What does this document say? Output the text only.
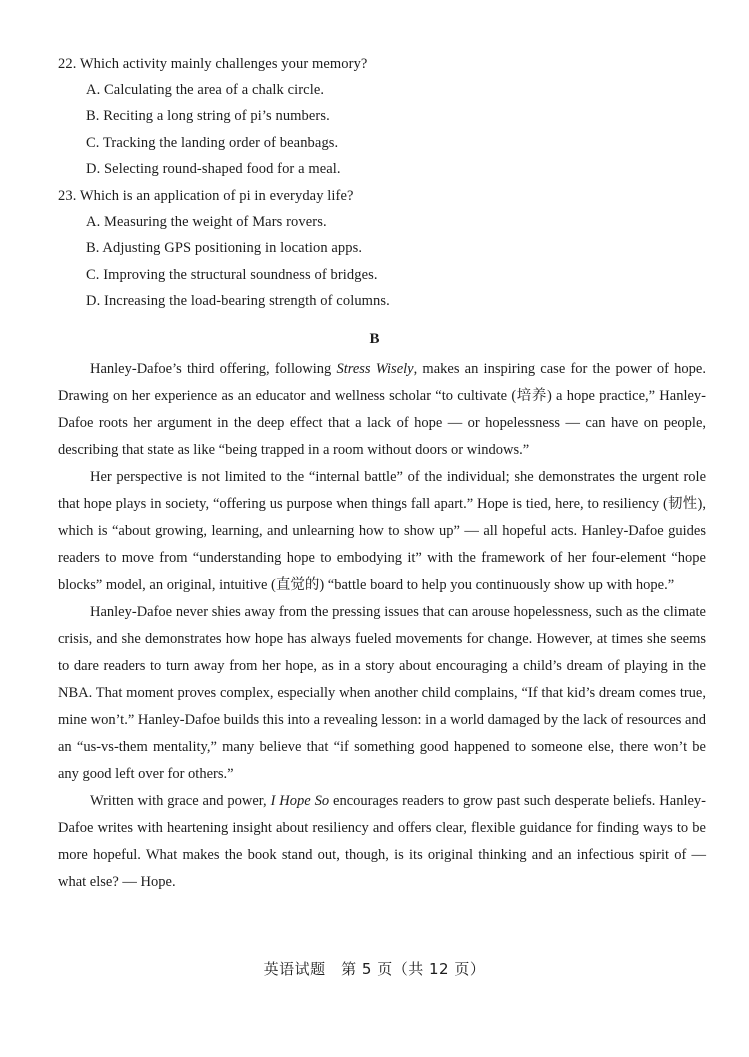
22. Which activity mainly challenges your memory?
A. Calculating the area of a chalk circle.
B. Reciting a long string of pi’s numbers.
C. Tracking the landing order of beanbags.
D. Selecting round-shaped food for a meal.
23. Which is an application of pi in everyday life?
A. Measuring the weight of Mars rovers.
B. Adjusting GPS positioning in location apps.
C. Improving the structural soundness of bridges.
D. Increasing the load-bearing strength of columns.
B

Hanley-Dafoe’s third offering, following Stress Wisely, makes an inspiring case for the power of hope. Drawing on her experience as an educator and wellness scholar “to cultivate (培养) a hope practice,” Hanley-Dafoe roots her argument in the deep effect that a lack of hope — or hopelessness — can have on people, describing that state as like “being trapped in a room without doors or windows.”

Her perspective is not limited to the “internal battle” of the individual; she demonstrates the urgent role that hope plays in society, “offering us purpose when things fall apart.” Hope is tied, here, to resiliency (韧性), which is “about growing, learning, and unlearning how to show up” — all hopeful acts. Hanley-Dafoe guides readers to move from “understanding hope to embodying it” with the framework of her four-element “hope blocks” model, an original, intuitive (直觉的) “battle board to help you continuously show up with hope.”

Hanley-Dafoe never shies away from the pressing issues that can arouse hopelessness, such as the climate crisis, and she demonstrates how hope has always fueled movements for change. However, at times she seems to dare readers to turn away from her hope, as in a story about encouraging a child’s dream of playing in the NBA. That moment proves complex, especially when another child complains, “If that kid’s dream comes true, mine won’t.” Hanley-Dafoe builds this into a revealing lesson: in a world damaged by the lack of resources and an “us-vs-them mentality,” many believe that “if something good happened to someone else, there won’t be any good left over for others.”

Written with grace and power, I Hope So encourages readers to grow past such desperate beliefs. Hanley-Dafoe writes with heartening insight about resiliency and offers clear, flexible guidance for finding ways to be more hopeful. What makes the book stand out, though, is its original thinking and an infectious spirit of — what else? — Hope.

英语试题　第 5 页（共 12 页）
